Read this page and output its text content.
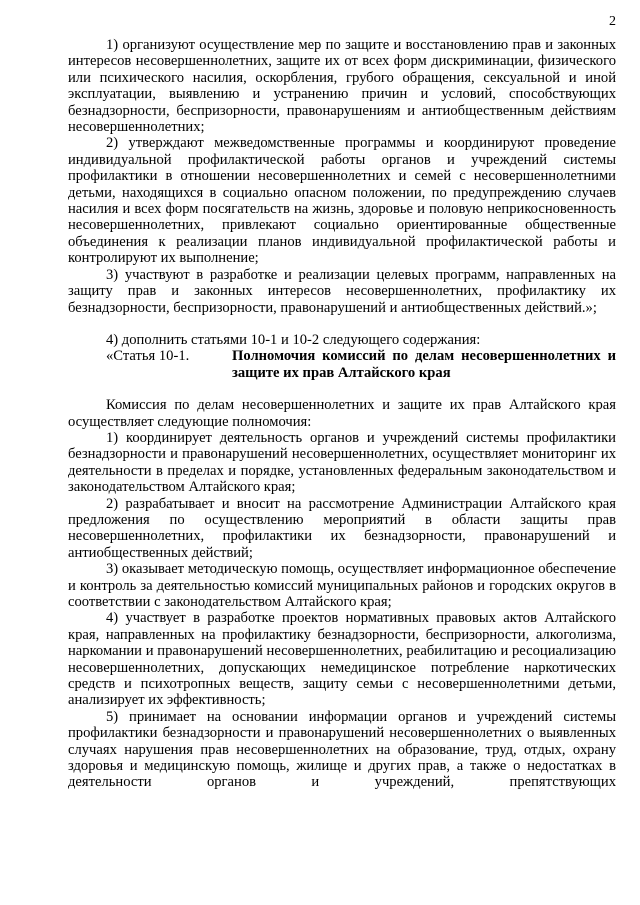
2

1) организуют осуществление мер по защите и восстановлению прав и законных интересов несовершеннолетних, защите их от всех форм дискриминации, физического или психического насилия, оскорбления, грубого обращения, сексуальной и иной эксплуатации, выявлению и устранению причин и условий, способствующих безнадзорности, беспризорности, правонарушениям и антиобщественным действиям несовершеннолетних;

2) утверждают межведомственные программы и координируют проведение индивидуальной профилактической работы органов и учреждений системы профилактики в отношении несовершеннолетних и семей с несовершеннолетними детьми, находящихся в социально опасном положении, по предупреждению случаев насилия и всех форм посягательств на жизнь, здоровье и половую неприкосновенность несовершеннолетних, привлекают социально ориентированные общественные объединения к реализации планов индивидуальной профилактической работы и контролируют их выполнение;

3) участвуют в разработке и реализации целевых программ, направленных на защиту прав и законных интересов несовершеннолетних, профилактику их безнадзорности, беспризорности, правонарушений и антиобщественных действий.»;

4) дополнить статьями 10-1 и 10-2 следующего содержания:

«Статья 10-1.	Полномочия комиссий по делам несовершеннолетних и защите их прав Алтайского края

Комиссия по делам несовершеннолетних и защите их прав Алтайского края осуществляет следующие полномочия:

1) координирует деятельность органов и учреждений системы профилактики безнадзорности и правонарушений несовершеннолетних, осуществляет мониторинг их деятельности в пределах и порядке, установленных федеральным законодательством и законодательством Алтайского края;

2) разрабатывает и вносит на рассмотрение Администрации Алтайского края предложения по осуществлению мероприятий в области защиты прав несовершеннолетних, профилактики их безнадзорности, правонарушений и антиобщественных действий;

3) оказывает методическую помощь, осуществляет информационное обеспечение и контроль за деятельностью комиссий муниципальных районов и городских округов в соответствии с законодательством Алтайского края;

4) участвует в разработке проектов нормативных правовых актов Алтайского края, направленных на профилактику безнадзорности, беспризорности, алкоголизма, наркомании и правонарушений несовершеннолетних, реабилитацию и ресоциализацию несовершеннолетних, допускающих немедицинское потребление наркотических средств и психотропных веществ, защиту семьи с несовершеннолетними детьми, анализирует их эффективность;

5) принимает на основании информации органов и учреждений системы профилактики безнадзорности и правонарушений несовершеннолетних о выявленных случаях нарушения прав несовершеннолетних на образование, труд, отдых, охрану здоровья и медицинскую помощь, жилище и других прав, а также о недостатках в деятельности органов и учреждений, препятствующих
